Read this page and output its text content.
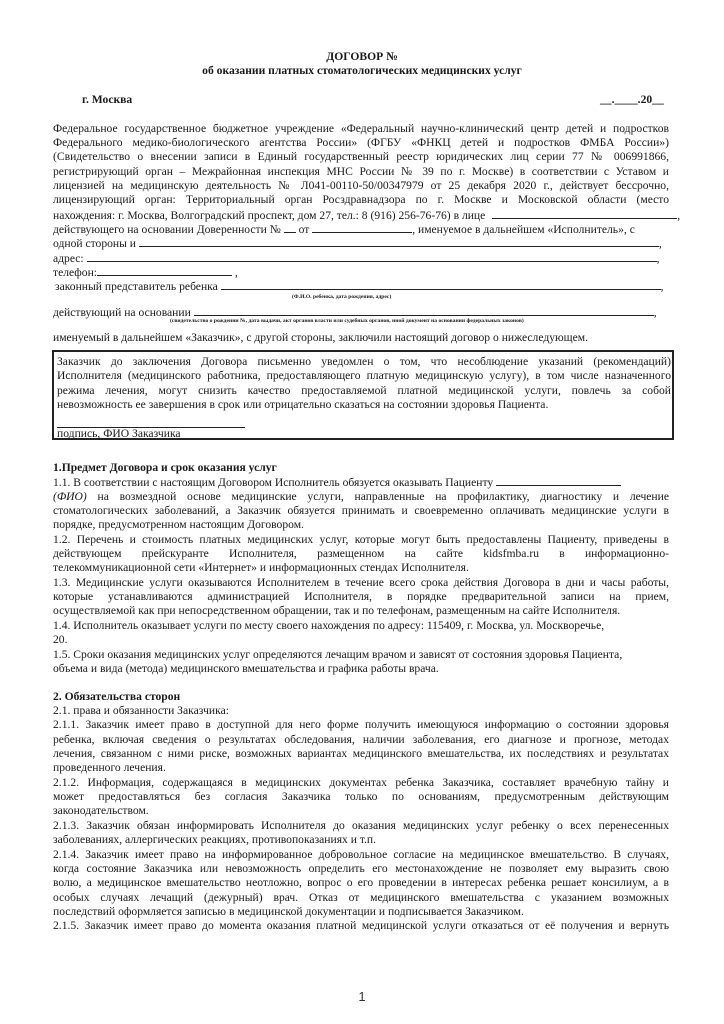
ДОГОВОР №
об оказании платных стоматологических медицинских услуг
г. Москва	__.____.20__
Федеральное государственное бюджетное учреждение «Федеральный научно-клинический центр детей и подростков
Федерального медико-биологического агентства России» (ФГБУ «ФНКЦ детей и подростков ФМБА России»)
(Свидетельство о внесении записи в Единый государственный реестр юридических лиц серии 77 № 006991866,
регистрирующий орган – Межрайонная инспекция МНС России № 39 по г. Москве) в соответствии с Уставом и
лицензией на медицинскую деятельность № Л041-00110-50/00347979 от 25 декабря 2020 г., действует бессрочно,
лицензирующий орган: Территориальный орган Росздравнадзора по г. Москве и Московской области (место
нахождения: г. Москва, Волгоградский проспект, дом 27, тел.: 8 (916) 256-76-76) в лице	,
действующего на основании Доверенности № от	, именуемое в дальнейшем «Исполнитель», с
одной стороны и	,
адрес:	,
телефон:	,
законный представитель ребенка	,
(Ф.И.О. ребенка, дата рождения, адрес)
действующий на основании	,
(свидетельство о рождении №, дата выдачи, акт органов власти или судебных органов, иной документ на основании федеральных законов)
именуемый в дальнейшем «Заказчик», с другой стороны, заключили настоящий договор о нижеследующем.
Заказчик до заключения Договора письменно уведомлен о том, что несоблюдение указаний (рекомендаций)
Исполнителя (медицинского работника, предоставляющего платную медицинскую услугу), в том числе назначенного
режима лечения, могут снизить качество предоставляемой платной медицинской услуги, повлечь за собой
невозможность ее завершения в срок или отрицательно сказаться на состоянии здоровья Пациента.
подпись, ФИО Заказчика
1.Предмет Договора и срок оказания услуг
1.1. В соответствии с настоящим Договором Исполнитель обязуется оказывать Пациенту
(ФИО) на возмездной основе медицинские услуги, направленные на профилактику, диагностику и лечение
стоматологических заболеваний, а Заказчик обязуется принимать и своевременно оплачивать медицинские услуги в
порядке, предусмотренном настоящим Договором.
1.2. Перечень и стоимость платных медицинских услуг, которые могут быть предоставлены Пациенту, приведены в
действующем прейскуранте Исполнителя, размещенном на сайте kidsfmba.ru в информационно-
телекоммуникационной сети «Интернет» и информационных стендах Исполнителя.
1.3. Медицинские услуги оказываются Исполнителем в течение всего срока действия Договора в дни и часы работы,
которые устанавливаются администрацией Исполнителя, в порядке предварительной записи на прием,
осуществляемой как при непосредственном обращении, так и по телефонам, размещенным на сайте Исполнителя.
1.4. Исполнитель оказывает услуги по месту своего нахождения по адресу: 115409, г. Москва, ул. Москворечье,
20.
1.5. Сроки оказания медицинских услуг определяются лечащим врачом и зависят от состояния здоровья Пациента,
объема и вида (метода) медицинского вмешательства и графика работы врача.
2. Обязательства сторон
2.1. права и обязанности Заказчика:
2.1.1. Заказчик имеет право в доступной для него форме получить имеющуюся информацию о состоянии здоровья
ребенка, включая сведения о результатах обследования, наличии заболевания, его диагнозе и прогнозе, методах
лечения, связанном с ними риске, возможных вариантах медицинского вмешательства, их последствиях и результатах
проведенного лечения.
2.1.2. Информация, содержащаяся в медицинских документах ребенка Заказчика, составляет врачебную тайну и
может предоставляться без согласия Заказчика только по основаниям, предусмотренным действующим
законодательством.
2.1.3. Заказчик обязан информировать Исполнителя до оказания медицинских услуг ребенку о всех перенесенных
заболеваниях, аллергических реакциях, противопоказаниях и т.п.
2.1.4. Заказчик имеет право на информированное добровольное согласие на медицинское вмешательство. В случаях,
когда состояние Заказчика или невозможность определить его местонахождение не позволяет ему выразить свою
волю, а медицинское вмешательство неотложно, вопрос о его проведении в интересах ребенка решает консилиум, а в
особых случаях лечащий (дежурный) врач. Отказ от медицинского вмешательства с указанием возможных
последствий оформляется записью в медицинской документации и подписывается Заказчиком.
2.1.5. Заказчик имеет право до момента оказания платной медицинской услуги отказаться от её получения и вернуть
1
